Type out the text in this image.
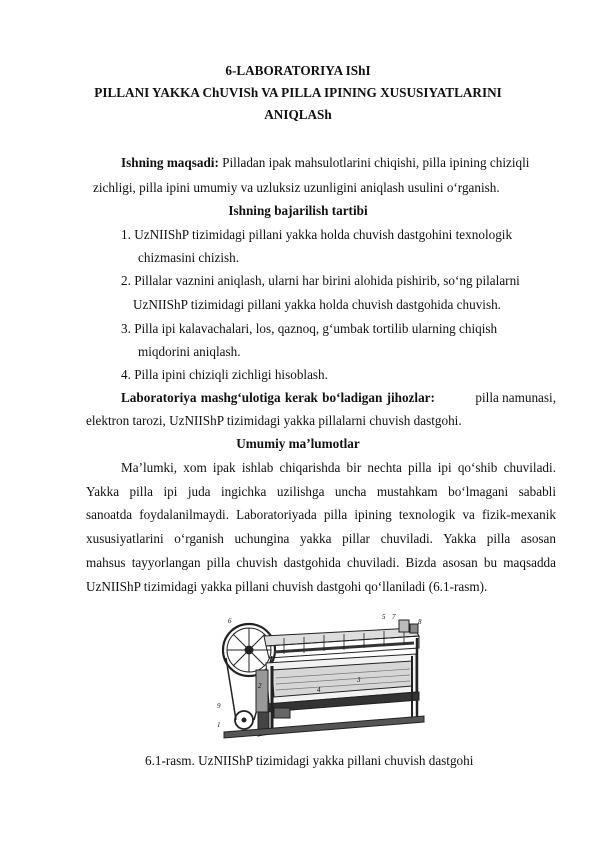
6-LABORATORIYA IShI
PILLANI YAKKA ChUVISh VA PILLA IPINING XUSUSIYATLARINI
ANIQLASh
Ishning maqsadi: Pilladan ipak mahsulotlarini chiqishi, pilla ipining chiziqli
zichligi, pilla ipini umumiy va uzluksiz uzunligini aniqlash usulini o‘rganish.
Ishning bajarilish tartibi
1. UzNIIShP tizimidagi pillani yakka holda chuvish dastgohini texnologik
chizmasini chizish.
2. Pillalar vaznini aniqlash, ularni har birini alohida pishirib, so‘ng pilalarni
UzNIIShP tizimidagi pillani yakka holda chuvish dastgohida chuvish.
3. Pilla ipi kalavachalari, los, qaznoq, g‘umbak tortilib ularning chiqish
miqdorini aniqlash.
4. Pilla ipini chiziqli zichligi hisoblash.
Laboratoriya mashg‘ulotiga kerak bo‘ladigan jihozlar:	pilla namunasi,
elektron tarozi, UzNIIShP tizimidagi yakka pillalarni chuvish dastgohi.
Umumiy ma’lumotlar
Ma’lumki, xom ipak ishlab chiqarishda bir nechta pilla ipi qo‘shib chuviladi.
Yakka pilla ipi juda ingichka uzilishga uncha mustahkam bo‘lmagani sababli
sanoatda foydalanilmaydi. Laboratoriyada pilla ipining texnologik va fizik-mexanik
xususiyatlarini o‘rganish uchungina yakka pillar chuviladi. Yakka pilla asosan
mahsus tayyorlangan pilla chuvish dastgohida chuviladi. Bizda asosan bu maqsadda
UzNIIShP tizimidagi yakka pillani chuvish dastgohi qo‘llaniladi (6.1-rasm).
6	5 7
8
2
3
4
9
1
6.1-rasm. UzNIIShP tizimidagi yakka pillani chuvish dastgohi
